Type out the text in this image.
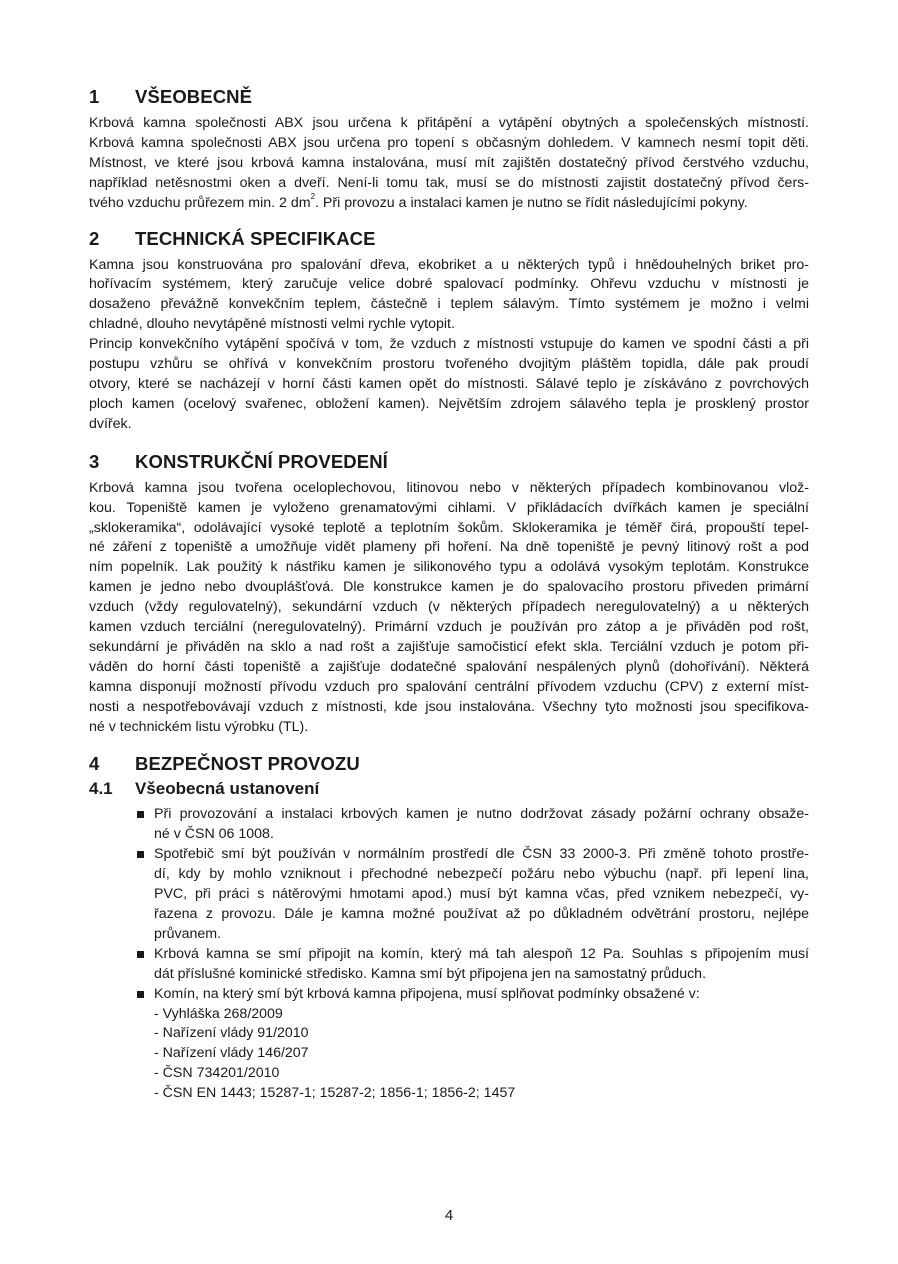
1	VŠEOBECNĚ
Krbová kamna společnosti ABX jsou určena k přitápění a vytápění obytných a společenských místností.
Krbová kamna společnosti ABX jsou určena pro topení s občasným dohledem. V kamnech nesmí topit děti.
Místnost, ve které jsou krbová kamna instalována, musí mít zajištěn dostatečný přívod čerstvého vzduchu,
například netěsnostmi oken a dveří. Není-li tomu tak, musí se do místnosti zajistit dostatečný přívod čers-
tvého vzduchu průřezem min. 2 $dm^2$. Při provozu a instalaci kamen je nutno se řídit následujícími pokyny.
2	TECHNICKÁ SPECIFIKACE
Kamna jsou konstruována pro spalování dřeva, ekobriket a u některých typů i hnědouhelných briket pro-
hořívacím systémem, který zaručuje velice dobré spalovací podmínky. Ohřevu vzduchu v místnosti je
dosaženo převážně konvekčním teplem, částečně i teplem sálavým. Tímto systémem je možno i velmi
chladné, dlouho nevytápěné místnosti velmi rychle vytopit.
Princip konvekčního vytápění spočívá v tom, že vzduch z místnosti vstupuje do kamen ve spodní části a při
postupu vzhůru se ohřívá v konvekčním prostoru tvořeného dvojitým pláštěm topidla, dále pak proudí
otvory, které se nacházejí v horní části kamen opět do místnosti. Sálavé teplo je získáváno z povrchových
ploch kamen (ocelový svařenec, obložení kamen). Největším zdrojem sálavého tepla je prosklený prostor
dvířek.
3	KONSTRUKČNÍ PROVEDENÍ
Krbová kamna jsou tvořena oceloplechovou, litinovou nebo v některých případech kombinovanou vlož-
kou. Topeniště kamen je vyloženo grenamatovými cihlami. V přikládacích dvířkách kamen je speciální
„sklokeramika“, odolávající vysoké teplotě a teplotním šokům. Sklokeramika je téměř čirá, propouští tepel-
né záření z topeniště a umožňuje vidět plameny při hoření. Na dně topeniště je pevný litinový rošt a pod
ním popelník. Lak použitý k nástřiku kamen je silikonového typu a odolává vysokým teplotám. Konstrukce
kamen je jedno nebo dvouplášťová. Dle konstrukce kamen je do spalovacího prostoru přiveden primární
vzduch (vždy regulovatelný), sekundární vzduch (v některých případech neregulovatelný) a u některých
kamen vzduch terciální (neregulovatelný). Primární vzduch je používán pro zátop a je přiváděn pod rošt,
sekundární je přiváděn na sklo a nad rošt a zajišťuje samočisticí efekt skla. Terciální vzduch je potom při-
váděn do horní části topeniště a zajišťuje dodatečné spalování nespálených plynů (dohořívání). Některá
kamna disponují možností přívodu vzduch pro spalování centrální přívodem vzduchu (CPV) z externí míst-
nosti a nespotřebovávají vzduch z místnosti, kde jsou instalována. Všechny tyto možnosti jsou specifikova-
né v technickém listu výrobku (TL).
4	BEZPEČNOST PROVOZU
4.1	Všeobecná ustanovení
Při provozování a instalaci krbových kamen je nutno dodržovat zásady požární ochrany obsaže-
né v ČSN 06 1008.
Spotřebič smí být používán v normálním prostředí dle ČSN 33 2000-3. Při změně tohoto prostře-
dí, kdy by mohlo vzniknout i přechodné nebezpečí požáru nebo výbuchu (např. při lepení lina,
PVC, při práci s nátěrovými hmotami apod.) musí být kamna včas, před vznikem nebezpečí, vy-
řazena z provozu. Dále je kamna možné používat až po důkladném odvětrání prostoru, nejlépe
průvanem.
Krbová kamna se smí připojit na komín, který má tah alespoň 12 Pa. Souhlas s připojením musí
dát příslušné kominické středisko. Kamna smí být připojena jen na samostatný průduch.
Komín, na který smí být krbová kamna připojena, musí splňovat podmínky obsažené v:
- Vyhláška 268/2009
- Nařízení vlády 91/2010
- Nařízení vlády 146/207
- ČSN 734201/2010
- ČSN EN 1443; 15287-1; 15287-2; 1856-1; 1856-2; 1457
4
